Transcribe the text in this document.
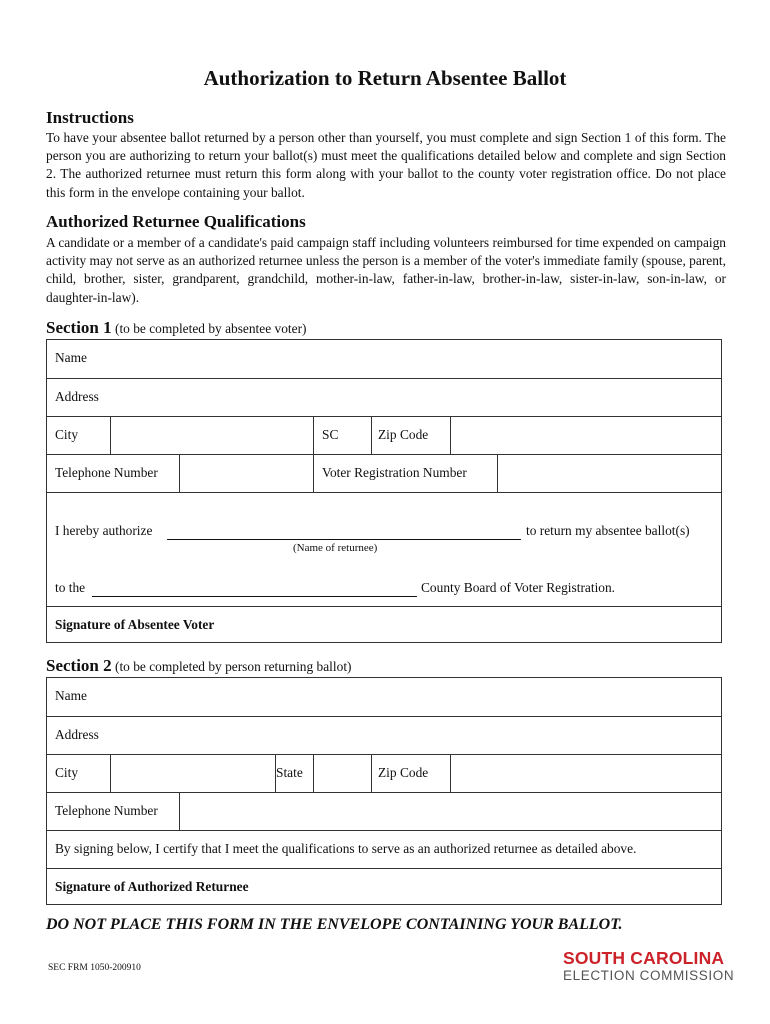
Authorization to Return Absentee Ballot
Instructions
To have your absentee ballot returned by a person other than yourself, you must complete and sign Section 1 of this form. The person you are authorizing to return your ballot(s) must meet the qualifications detailed below and complete and sign Section 2. The authorized returnee must return this form along with your ballot to the county voter registration office. Do not place this form in the envelope containing your ballot.
Authorized Returnee Qualifications
A candidate or a member of a candidate's paid campaign staff including volunteers reimbursed for time expended on campaign activity may not serve as an authorized returnee unless the person is a member of the voter's immediate family (spouse, parent, child, brother, sister, grandparent, grandchild, mother-in-law, father-in-law, brother-in-law, sister-in-law, son-in-law, or daughter-in-law).
Section 1 (to be completed by absentee voter)
Name
Address
City	SC	Zip Code
Telephone Number	Voter Registration Number
I hereby authorize	to return my absentee ballot(s)
(Name of returnee)
to the	County Board of Voter Registration.
Signature of Absentee Voter
Section 2 (to be completed by person returning ballot)
Name
Address
City	State	Zip Code
Telephone Number
By signing below, I certify that I meet the qualifications to serve as an authorized returnee as detailed above.
Signature of Authorized Returnee
DO NOT PLACE THIS FORM IN THE ENVELOPE CONTAINING YOUR BALLOT.
SEC FRM 1050-200910	SOUTH CAROLINA
ELECTION COMMISSION
